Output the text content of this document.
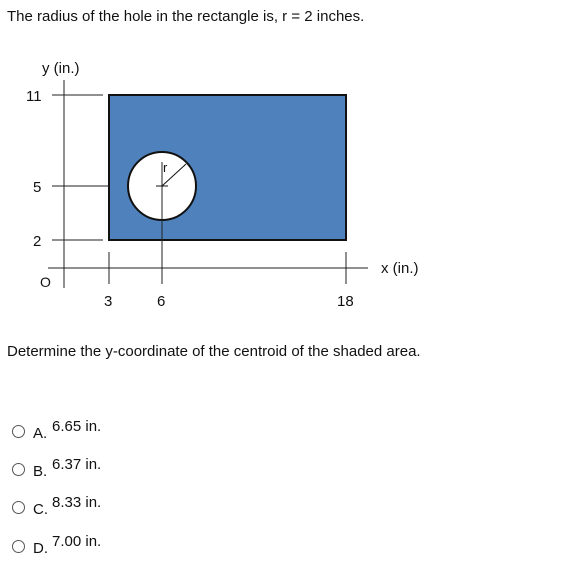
The radius of the hole in the rectangle is, r = 2 inches.
y (in.)
11
5
2
O
3	6	18
x (in.)
r
Determine the y-coordinate of the centroid of the shaded area.
A. 6.65 in.
B. 6.37 in.
C. 8.33 in.
D. 7.00 in.
